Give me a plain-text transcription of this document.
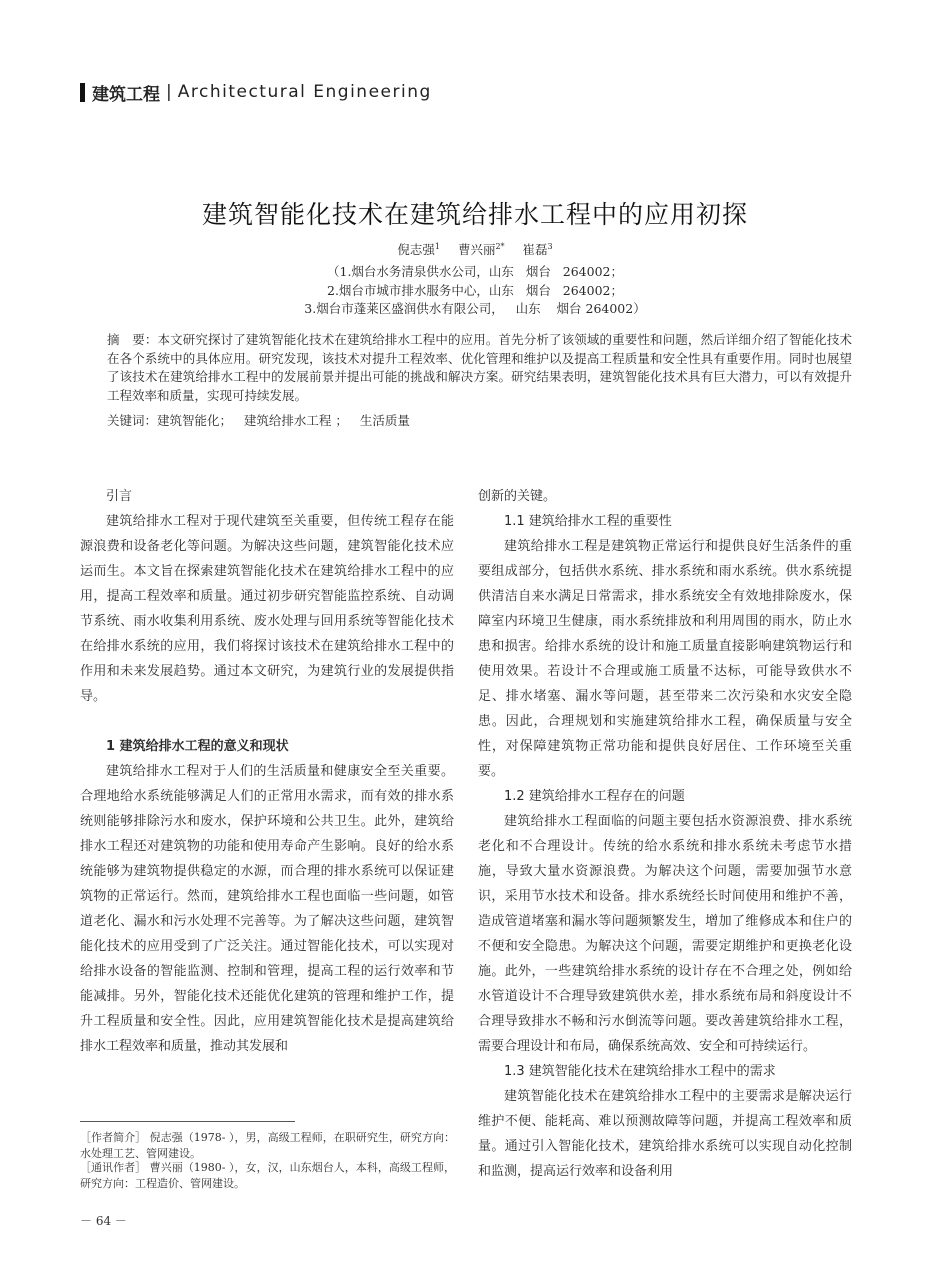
建筑工程 | Architectural Engineering
建筑智能化技术在建筑给排水工程中的应用初探
倪志强$^1$ 曹兴丽$^{2*}$ 崔磊$^3$
（1.烟台水务清泉供水公司，山东   烟台   264002；
2.烟台市城市排水服务中心，山东   烟台   264002；
3.烟台市蓬莱区盛润供水有限公司，   山东    烟台 264002）
摘　要：本文研究探讨了建筑智能化技术在建筑给排水工程中的应用。首先分析了该领域的重要性和问题，然后详细介绍了智能化技术在各个系统中的具体应用。研究发现，该技术对提升工程效率、优化管理和维护以及提高工程质量和安全性具有重要作用。同时也展望了该技术在建筑给排水工程中的发展前景并提出可能的挑战和解决方案。研究结果表明，建筑智能化技术具有巨大潜力，可以有效提升工程效率和质量，实现可持续发展。
关键词：建筑智能化；   建筑给排水工程 ；   生活质量

引言

建筑给排水工程对于现代建筑至关重要，但传统工程存在能源浪费和设备老化等问题。为解决这些问题，建筑智能化技术应运而生。本文旨在探索建筑智能化技术在建筑给排水工程中的应用，提高工程效率和质量。通过初步研究智能监控系统、自动调节系统、雨水收集利用系统、废水处理与回用系统等智能化技术在给排水系统的应用，我们将探讨该技术在建筑给排水工程中的作用和未来发展趋势。通过本文研究，为建筑行业的发展提供指导。

1 建筑给排水工程的意义和现状

建筑给排水工程对于人们的生活质量和健康安全至关重要。合理地给水系统能够满足人们的正常用水需求，而有效的排水系统则能够排除污水和废水，保护环境和公共卫生。此外，建筑给排水工程还对建筑物的功能和使用寿命产生影响。良好的给水系统能够为建筑物提供稳定的水源，而合理的排水系统可以保证建筑物的正常运行。然而，建筑给排水工程也面临一些问题，如管道老化、漏水和污水处理不完善等。为了解决这些问题，建筑智能化技术的应用受到了广泛关注。通过智能化技术，可以实现对给排水设备的智能监测、控制和管理，提高工程的运行效率和节能减排。另外，智能化技术还能优化建筑的管理和维护工作，提升工程质量和安全性。因此，应用建筑智能化技术是提高建筑给排水工程效率和质量，推动其发展和

［作者简介］ 倪志强（1978- ），男，高级工程师，在职研究生，研究方向：水处理工艺、管网建设。
［通讯作者］ 曹兴丽（1980- ），女，汉，山东烟台人，本科，高级工程师，研究方向：工程造价、管网建设。
－ 64 －

创新的关键。

1.1 建筑给排水工程的重要性

建筑给排水工程是建筑物正常运行和提供良好生活条件的重要组成部分，包括供水系统、排水系统和雨水系统。供水系统提供清洁自来水满足日常需求，排水系统安全有效地排除废水，保障室内环境卫生健康，雨水系统排放和利用周围的雨水，防止水患和损害。给排水系统的设计和施工质量直接影响建筑物运行和使用效果。若设计不合理或施工质量不达标，可能导致供水不足、排水堵塞、漏水等问题，甚至带来二次污染和水灾安全隐患。因此，合理规划和实施建筑给排水工程，确保质量与安全性，对保障建筑物正常功能和提供良好居住、工作环境至关重要。

1.2 建筑给排水工程存在的问题

建筑给排水工程面临的问题主要包括水资源浪费、排水系统老化和不合理设计。传统的给水系统和排水系统未考虑节水措施，导致大量水资源浪费。为解决这个问题，需要加强节水意识，采用节水技术和设备。排水系统经长时间使用和维护不善，造成管道堵塞和漏水等问题频繁发生，增加了维修成本和住户的不便和安全隐患。为解决这个问题，需要定期维护和更换老化设施。此外，一些建筑给排水系统的设计存在不合理之处，例如给水管道设计不合理导致建筑供水差，排水系统布局和斜度设计不合理导致排水不畅和污水倒流等问题。要改善建筑给排水工程，需要合理设计和布局，确保系统高效、安全和可持续运行。

1.3 建筑智能化技术在建筑给排水工程中的需求

建筑智能化技术在建筑给排水工程中的主要需求是解决运行维护不便、能耗高、难以预测故障等问题，并提高工程效率和质量。通过引入智能化技术，建筑给排水系统可以实现自动化控制和监测，提高运行效率和设备利用
